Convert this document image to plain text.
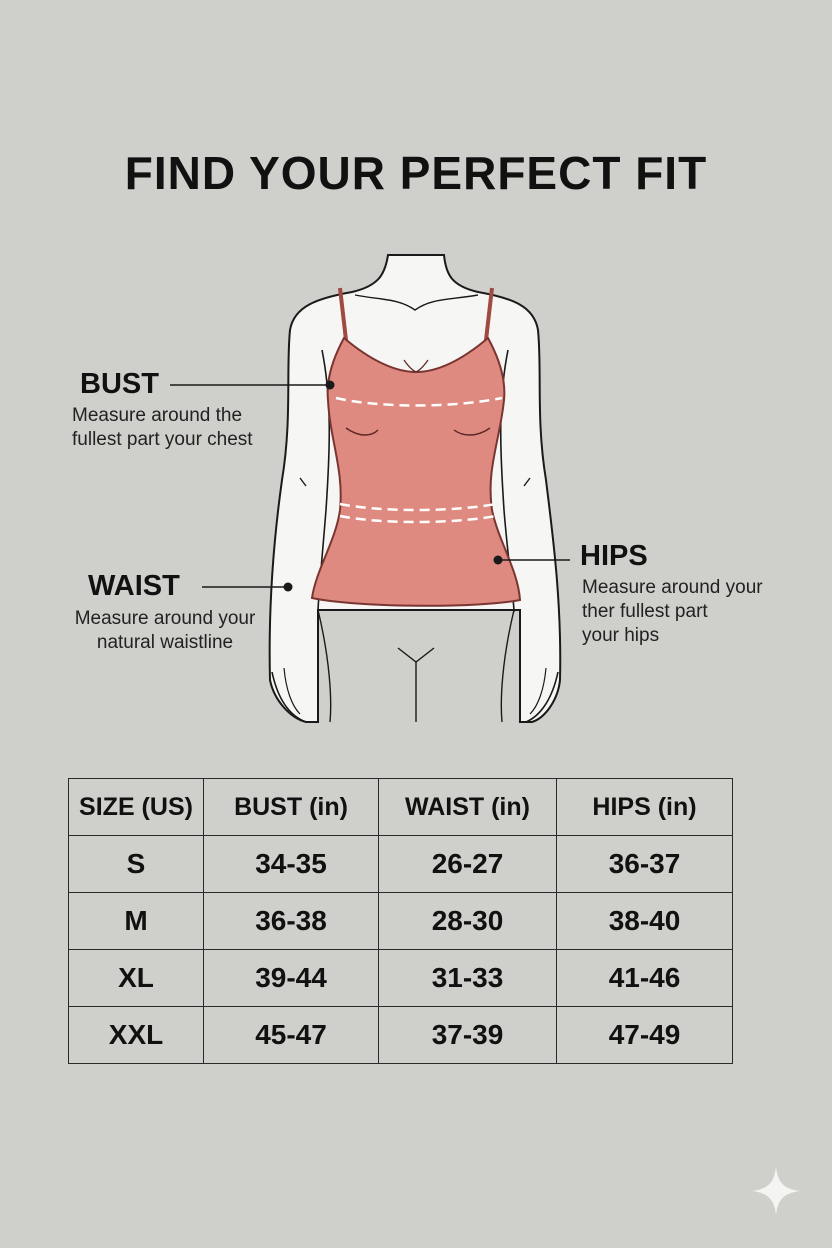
FIND YOUR PERFECT FIT
BUST

Measure around the
fullest part your chest

WAIST

Measure around your
natural waistline

HIPS

Measure around your
ther fullest part
your hips

SIZE (US)	BUST (in)	WAIST (in)	HIPS (in)
S	34-35	26-27	36-37
M	36-38	28-30	38-40
XL	39-44	31-33	41-46
XXL	45-47	37-39	47-49
